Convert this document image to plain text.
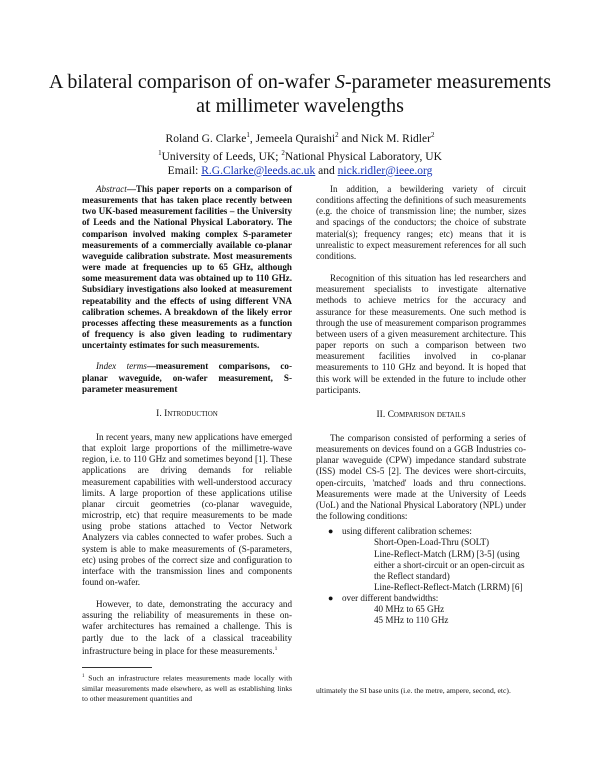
A bilateral comparison of on-wafer S-parameter measurements
at millimeter wavelengths
Roland G. Clarke$^1$, Jemeela Quraishi$^2$ and Nick M. Ridler$^2$
$^1$University of Leeds, UK; $^2$National Physical Laboratory, UK
Email: R.G.Clarke@leeds.ac.uk and nick.ridler@ieee.org

Abstract—This paper reports on a comparison of measurements that has taken place recently between two UK-based measurement facilities – the University of Leeds and the National Physical Laboratory. The comparison involved making complex S-parameter measurements of a commercially available co-planar waveguide calibration substrate. Most measurements were made at frequencies up to 65 GHz, although some measurement data was obtained up to 110 GHz. Subsidiary investigations also looked at measurement repeatability and the effects of using different VNA calibration schemes. A breakdown of the likely error processes affecting these measurements as a function of frequency is also given leading to rudimentary uncertainty estimates for such measurements.

Index terms—measurement comparisons, co-planar waveguide, on-wafer measurement, S-parameter measurement

I. Introduction

In recent years, many new applications have emerged that exploit large proportions of the millimetre-wave region, i.e. to 110 GHz and sometimes beyond [1]. These applications are driving demands for reliable measurement capabilities with well-understood accuracy limits. A large proportion of these applications utilise planar circuit geometries (co-planar waveguide, microstrip, etc) that require measurements to be made using probe stations attached to Vector Network Analyzers via cables connected to wafer probes. Such a system is able to make measurements of (S-parameters, etc) using probes of the correct size and configuration to interface with the transmission lines and components found on-wafer.

However, to date, demonstrating the accuracy and assuring the reliability of measurements in these on-wafer architectures has remained a challenge. This is partly due to the lack of a classical traceability infrastructure being in place for these measurements.$^1$

In addition, a bewildering variety of circuit conditions affecting the definitions of such measurements (e.g. the choice of transmission line; the number, sizes and spacings of the conductors; the choice of substrate material(s); frequency ranges; etc) means that it is unrealistic to expect measurement references for all such conditions.

Recognition of this situation has led researchers and measurement specialists to investigate alternative methods to achieve metrics for the accuracy and assurance for these measurements. One such method is through the use of measurement comparison programmes between users of a given measurement architecture. This paper reports on such a comparison between two measurement facilities involved in co-planar measurements to 110 GHz and beyond. It is hoped that this work will be extended in the future to include other participants.

II. Comparison details

The comparison consisted of performing a series of measurements on devices found on a GGB Industries co-planar waveguide (CPW) impedance standard substrate (ISS) model CS-5 [2]. The devices were short-circuits, open-circuits, 'matched' loads and thru connections. Measurements were made at the University of Leeds (UoL) and the National Physical Laboratory (NPL) under the following conditions:

● using different calibration schemes:
Short-Open-Load-Thru (SOLT)
Line-Reflect-Match (LRM) [3-5] (using either a short-circuit or an open-circuit as the Reflect standard)
Line-Reflect-Reflect-Match (LRRM) [6]
● over different bandwidths:
40 MHz to 65 GHz
45 MHz to 110 GHz
$^1$ Such an infrastructure relates measurements made locally with similar measurements made elsewhere, as well as establishing links to other measurement quantities and
ultimately the SI base units (i.e. the metre, ampere, second, etc).
